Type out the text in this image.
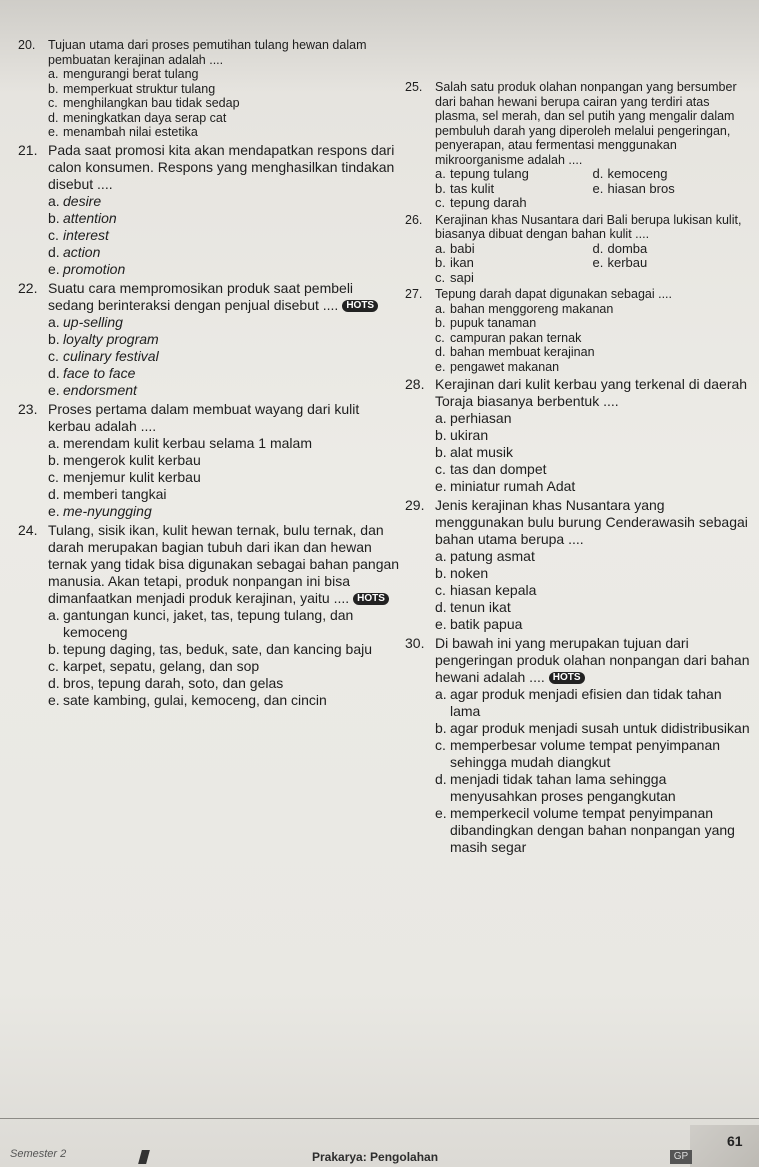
20.	Tujuan utama dari proses pemutihan tulang hewan dalam pembuatan kerajinan adalah ....
a. mengurangi berat tulang
b. memperkuat struktur tulang
c. menghilangkan bau tidak sedap
d. meningkatkan daya serap cat
e. menambah nilai estetika
21. Pada saat promosi kita akan mendapatkan respons dari calon konsumen. Respons yang menghasilkan tindakan disebut ....
a. desire
b. attention
c. interest
d. action
e. promotion
22. Suatu cara mempromosikan produk saat pembeli sedang berinteraksi dengan penjual disebut .... HOTS
a. up-selling
b. loyalty program
c. culinary festival
d. face to face
e. endorsment
23. Proses pertama dalam membuat wayang dari kulit kerbau adalah ....
a. merendam kulit kerbau selama 1 malam
b. mengerok kulit kerbau
c. menjemur kulit kerbau
d. memberi tangkai
e. me-nyungging
24. Tulang, sisik ikan, kulit hewan ternak, bulu ternak, dan darah merupakan bagian tubuh dari ikan dan hewan ternak yang tidak bisa digunakan sebagai bahan pangan manusia. Akan tetapi, produk nonpangan ini bisa dimanfaatkan menjadi produk kerajinan, yaitu .... HOTS
a. gantungan kunci, jaket, tas, tepung tulang, dan kemoceng
b. tepung daging, tas, beduk, sate, dan kancing baju
c. karpet, sepatu, gelang, dan sop
d. bros, tepung darah, soto, dan gelas
e. sate kambing, gulai, kemoceng, dan cincin
25.	Salah satu produk olahan nonpangan yang bersumber dari bahan hewani berupa cairan yang terdiri atas plasma, sel merah, dan sel putih yang mengalir dalam pembuluh darah yang diperoleh melalui pengeringan, penyerapan, atau fermentasi menggunakan mikroorganisme adalah ....
a. tepung tulang	d. kemoceng
b. tas kulit	e. hiasan bros
c. tepung darah
26.	Kerajinan khas Nusantara dari Bali berupa lukisan kulit, biasanya dibuat dengan bahan kulit ....
a. babi	d. domba
b. ikan	e. kerbau
c. sapi
27.	Tepung darah dapat digunakan sebagai ....
a. bahan menggoreng makanan
b. pupuk tanaman
c. campuran pakan ternak
d. bahan membuat kerajinan
e. pengawet makanan
28. Kerajinan dari kulit kerbau yang terkenal di daerah Toraja biasanya berbentuk ....
a. perhiasan
b. ukiran
b. alat musik
c. tas dan dompet
e. miniatur rumah Adat
29. Jenis kerajinan khas Nusantara yang menggunakan bulu burung Cenderawasih sebagai bahan utama berupa ....
a. patung asmat
b. noken
c. hiasan kepala
d. tenun ikat
e. batik papua
30. Di bawah ini yang merupakan tujuan dari pengeringan produk olahan nonpangan dari bahan hewani adalah .... HOTS
a. agar produk menjadi efisien dan tidak tahan lama
b. agar produk menjadi susah untuk didistribusikan
c. memperbesar volume tempat penyimpanan sehingga mudah diangkut
d. menjadi tidak tahan lama sehingga menyusahkan proses pengangkutan
e. memperkecil volume tempat penyimpanan dibandingkan dengan bahan nonpangan yang masih segar
Semester 2	Prakarya: Pengolahan	GP
61
